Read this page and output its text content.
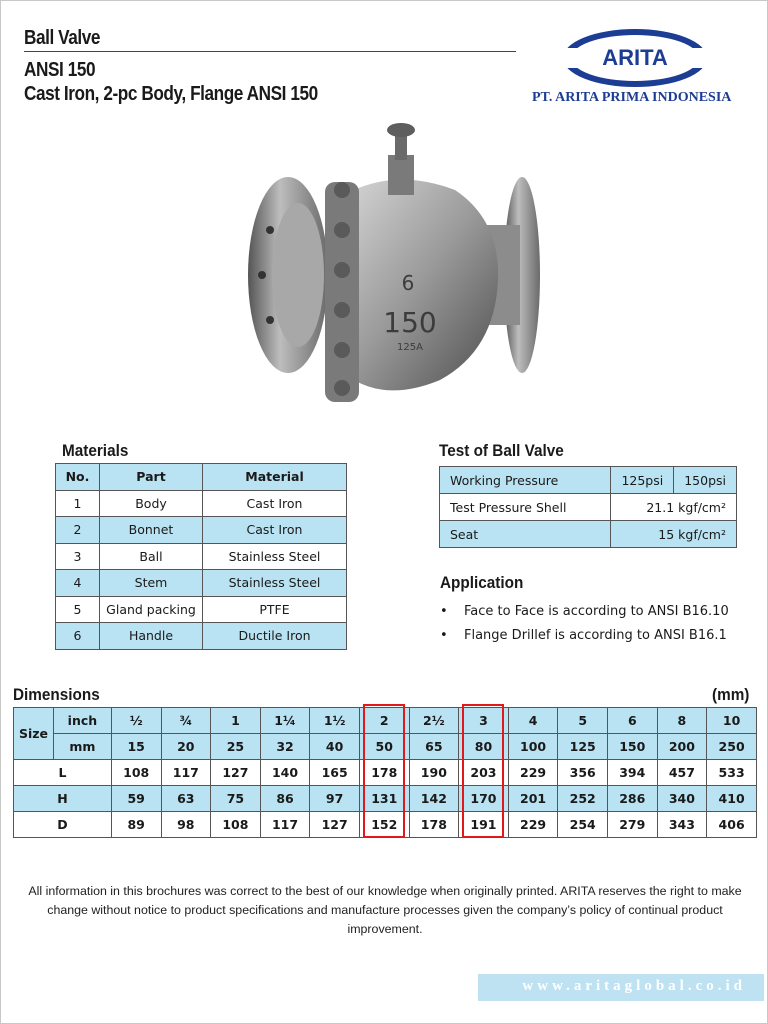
Ball Valve
ANSI 150
Cast Iron, 2-pc Body, Flange ANSI 150
ARITA
PT. ARITA PRIMA INDONESIA
6
150
125A
Materials
No.	Part	Material
1	Body	Cast Iron
2	Bonnet	Cast Iron
3	Ball	Stainless Steel
4	Stem	Stainless Steel
5	Gland packing	PTFE
6	Handle	Ductile Iron
Test of Ball Valve
Working Pressure	125psi	150psi
Test Pressure Shell	21.1 kgf/cm²	
Seat	15 kgf/cm²	
Application
• Face to Face is according to ANSI B16.10
• Flange Drillef is according to ANSI B16.1
Dimensions	(mm)
Size	inch	½	¾	1	1¼	1½	2	2½	3	4	5	6	8	10
	mm	15	20	25	32	40	50	65	80	100	125	150	200	250
L		108	117	127	140	165	178	190	203	229	356	394	457	533
H		59	63	75	86	97	131	142	170	201	252	286	340	410
D		89	98	108	117	127	152	178	191	229	254	279	343	406
All information in this brochures was correct to the best of our knowledge when originally printed. ARITA reserves the right to make change without notice to product specifications and manufacture processes given the company’s policy of continual product improvement.
www.aritaglobal.co.id
